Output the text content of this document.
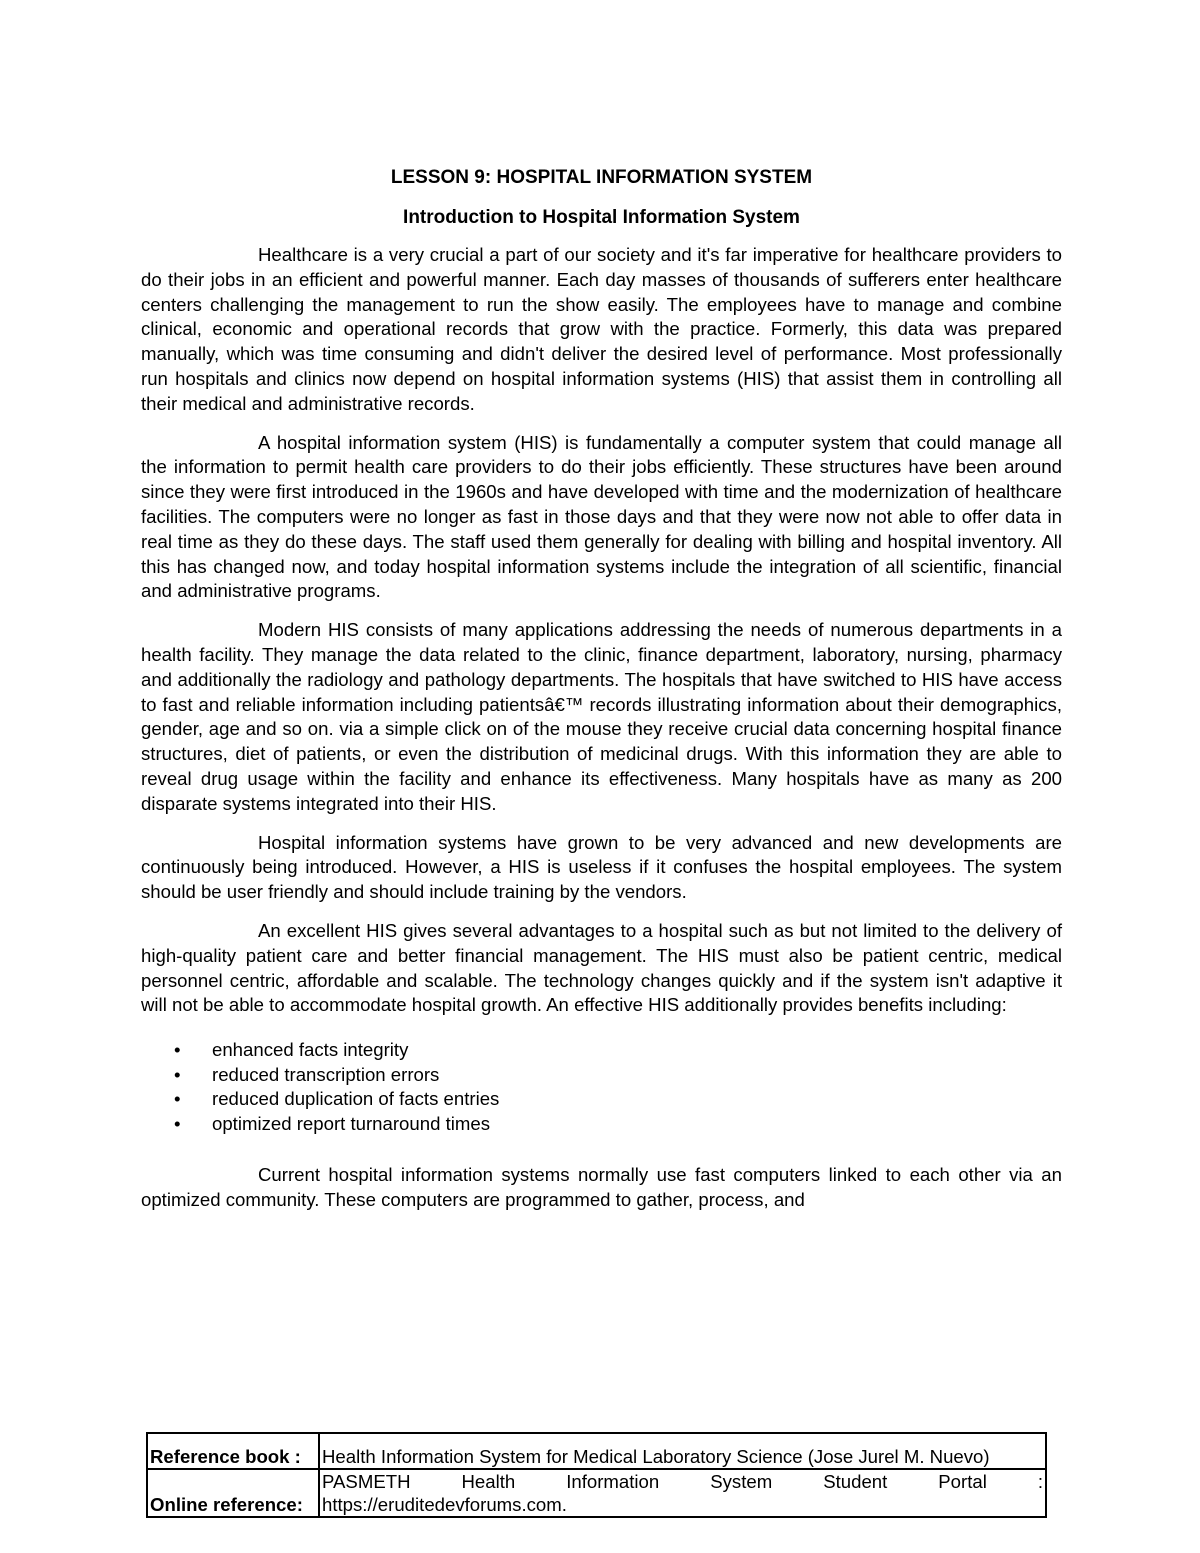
LESSON 9: HOSPITAL INFORMATION SYSTEM
Introduction to Hospital Information System

Healthcare is a very crucial a part of our society and it's far imperative for healthcare providers to do their jobs in an efficient and powerful manner. Each day masses of thousands of sufferers enter healthcare centers challenging the management to run the show easily. The employees have to manage and combine clinical, economic and operational records that grow with the practice. Formerly, this data was prepared manually, which was time consuming and didn't deliver the desired level of performance. Most professionally run hospitals and clinics now depend on hospital information systems (HIS) that assist them in controlling all their medical and administrative records.

A hospital information system (HIS) is fundamentally a computer system that could manage all the information to permit health care providers to do their jobs efficiently. These structures have been around since they were first introduced in the 1960s and have developed with time and the modernization of healthcare facilities. The computers were no longer as fast in those days and that they were now not able to offer data in real time as they do these days. The staff used them generally for dealing with billing and hospital inventory. All this has changed now, and today hospital information systems include the integration of all scientific, financial and administrative programs.

Modern HIS consists of many applications addressing the needs of numerous departments in a health facility. They manage the data related to the clinic, finance department, laboratory, nursing, pharmacy and additionally the radiology and pathology departments. The hospitals that have switched to HIS have access to fast and reliable information including patientsâ€™ records illustrating information about their demographics, gender, age and so on. via a simple click on of the mouse they receive crucial data concerning hospital finance structures, diet of patients, or even the distribution of medicinal drugs. With this information they are able to reveal drug usage within the facility and enhance its effectiveness. Many hospitals have as many as 200 disparate systems integrated into their HIS.

Hospital information systems have grown to be very advanced and new developments are continuously being introduced. However, a HIS is useless if it confuses the hospital employees. The system should be user friendly and should include training by the vendors.

An excellent HIS gives several advantages to a hospital such as but not limited to the delivery of high-quality patient care and better financial management. The HIS must also be patient centric, medical personnel centric, affordable and scalable. The technology changes quickly and if the system isn't adaptive it will not be able to accommodate hospital growth. An effective HIS additionally provides benefits including:

• enhanced facts integrity
• reduced transcription errors
• reduced duplication of facts entries
• optimized report turnaround times

Current hospital information systems normally use fast computers linked to each other via an optimized community. These computers are programmed to gather, process, and

Reference book :	Health Information System for Medical Laboratory Science (Jose Jurel M. Nuevo)
Online reference:	PASMETH Health Information System Student Portal :
https://eruditedevforums.com.
